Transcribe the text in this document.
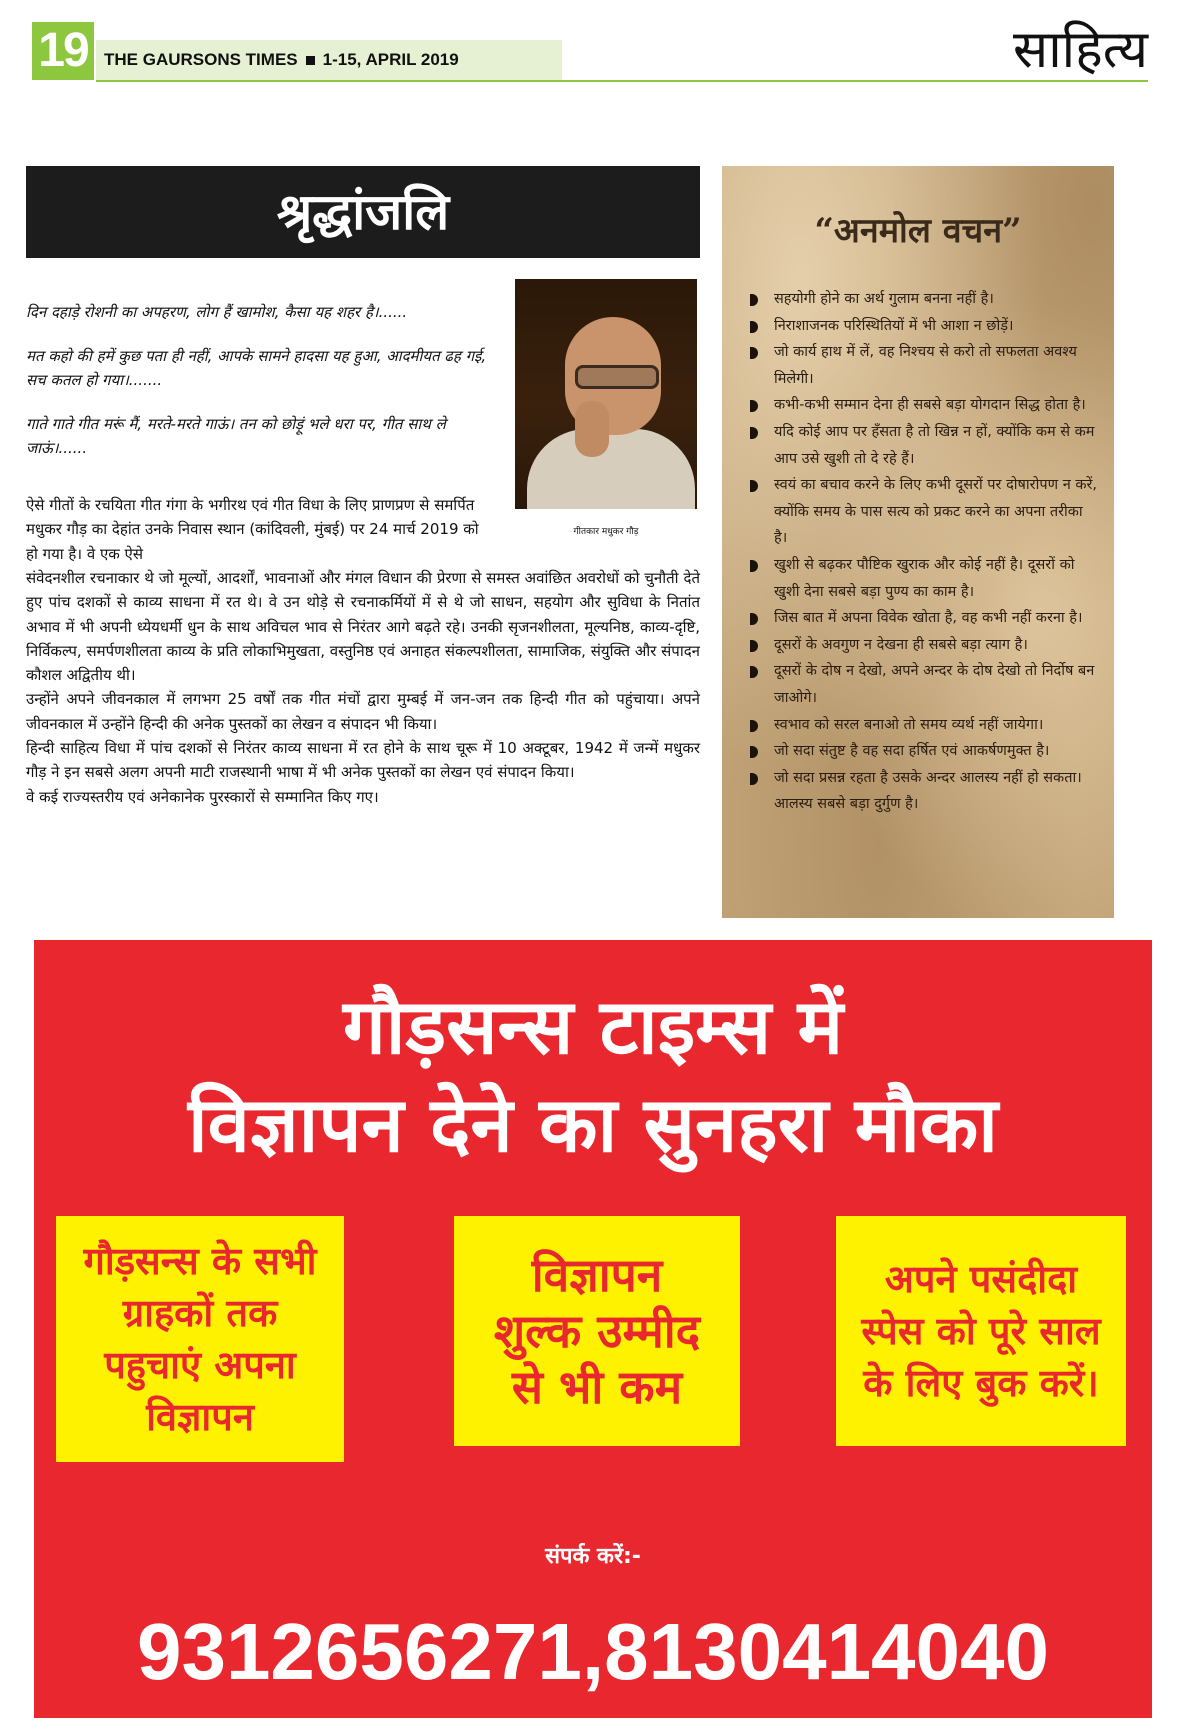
19 THE GAURSONS TIMES 1-15, APRIL 2019	साहित्य
श्रृद्धांजलि

दिन दहाड़े रोशनी का अपहरण, लोग हैं खामोश, कैसा यह शहर है।......

मत कहो की हमें कुछ पता ही नहीं, आपके सामने हादसा यह हुआ, आदमीयत ढह गई, सच कतल हो गया।.......

गाते गाते गीत मरूं मैं, मरते-मरते गाऊं। तन को छोड़ूं भले धरा पर, गीत साथ ले जाऊं।......

गीतकार मधुकर गौड़
ऐसे गीतों के रचयिता गीत गंगा के भगीरथ एवं गीत विधा के लिए प्राणप्रण से समर्पित मधुकर गौड़ का देहांत उनके निवास स्थान (कांदिवली, मुंबई) पर 24 मार्च 2019 को हो गया है। वे एक ऐसे

संवेदनशील रचनाकार थे जो मूल्यों, आदर्शों, भावनाओं और मंगल विधान की प्रेरणा से समस्त अवांछित अवरोधों को चुनौती देते हुए पांच दशकों से काव्य साधना में रत थे। वे उन थोड़े से रचनाकर्मियों में से थे जो साधन, सहयोग और सुविधा के नितांत अभाव में भी अपनी ध्येयधर्मी धुन के साथ अविचल भाव से निरंतर आगे बढ़ते रहे। उनकी सृजनशीलता, मूल्यनिष्ठ, काव्य-दृष्टि, निर्विकल्प, समर्पणशीलता काव्य के प्रति लोकाभिमुखता, वस्तुनिष्ठ एवं अनाहत संकल्पशीलता, सामाजिक, संयुक्ति और संपादन कौशल अद्वितीय थी।

उन्होंने अपने जीवनकाल में लगभग 25 वर्षों तक गीत मंचों द्वारा मुम्बई में जन-जन तक हिन्दी गीत को पहुंचाया। अपने जीवनकाल में उन्होंने हिन्दी की अनेक पुस्तकों का लेखन व संपादन भी किया।

हिन्दी साहित्य विधा में पांच दशकों से निरंतर काव्य साधना में रत होने के साथ चूरू में 10 अक्टूबर, 1942 में जन्में मधुकर गौड़ ने इन सबसे अलग अपनी माटी राजस्थानी भाषा में भी अनेक पुस्तकों का लेखन एवं संपादन किया।

वे कई राज्यस्तरीय एवं अनेकानेक पुरस्कारों से सम्मानित किए गए।

“अनमोल वचन”
सहयोगी होने का अर्थ गुलाम बनना नहीं है।
निराशाजनक परिस्थितियों में भी आशा न छोड़ें।
जो कार्य हाथ में लें, वह निश्चय से करो तो सफलता अवश्य मिलेगी।
कभी-कभी सम्मान देना ही सबसे बड़ा योगदान सिद्ध होता है।
यदि कोई आप पर हँसता है तो खिन्न न हों, क्योंकि कम से कम आप उसे खुशी तो दे रहे हैं।
स्वयं का बचाव करने के लिए कभी दूसरों पर दोषारोपण न करें, क्योंकि समय के पास सत्य को प्रकट करने का अपना तरीका है।
खुशी से बढ़कर पौष्टिक खुराक और कोई नहीं है। दूसरों को खुशी देना सबसे बड़ा पुण्य का काम है।
जिस बात में अपना विवेक खोता है, वह कभी नहीं करना है।
दूसरों के अवगुण न देखना ही सबसे बड़ा त्याग है।
दूसरों के दोष न देखो, अपने अन्दर के दोष देखो तो निर्दोष बन जाओगे।
स्वभाव को सरल बनाओ तो समय व्यर्थ नहीं जायेगा।
जो सदा संतुष्ट है वह सदा हर्षित एवं आकर्षणमुक्त है।
जो सदा प्रसन्न रहता है उसके अन्दर आलस्य नहीं हो सकता। आलस्य सबसे बड़ा दुर्गुण है।
गौड़सन्स टाइम्स में
विज्ञापन देने का सुनहरा मौका
गौड़सन्स के सभी
ग्राहकों तक
पहुचाएं अपना
विज्ञापन
विज्ञापन
शुल्क उम्मीद
से भी कम
अपने पसंदीदा
स्पेस को पूरे साल
के लिए बुक करें।
संपर्क करें:-
9312656271,8130414040
